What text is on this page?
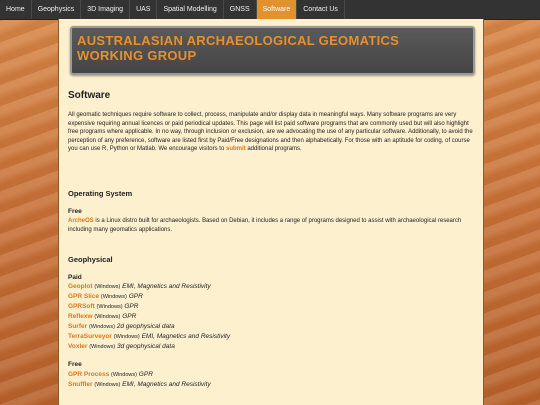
Home	Geophysics	3D Imaging	UAS	Spatial Modelling	GNSS	Software	Contact Us
AUSTRALASIAN ARCHAEOLOGICAL GEOMATICS
WORKING GROUP
Software
All geomatic techniques require software to collect, process, manipulate and/or display data in meaningful ways. Many software programs are very expensive requiring annual licences or paid periodical updates. This page will list paid software programs that are commonly used but will also highlight free programs where applicable. In no way, through inclusion or exclusion, are we advocating the use of any particular software. Additionally, to avoid the perception of any preference, software are listed first by Paid/Free designations and then alphabetically. For those with an aptitude for coding, of course you can use R, Python or Matlab. We encourage visitors to submit additional programs.
Operating System
Free
ArcheOS is a Linux distro built for archaeologists. Based on Debian, it includes a range of programs designed to assist with archaeological research including many geomatics applications.
Geophysical
Paid
Geoplot (Windows) EMI, Magnetics and Resistivity
GPR Slice (Windows) GPR
GPRSoft (Windows) GPR
Reflexw (Windows) GPR
Surfer (Windows) 2d geophysical data
TerraSurveyor (Windows) EMI, Magnetics and Resistivity
Voxler (Windows) 3d geophysical data
Free
GPR Process (Windows) GPR
Snuffler (Windows) EMI, Magnetics and Resistivity
